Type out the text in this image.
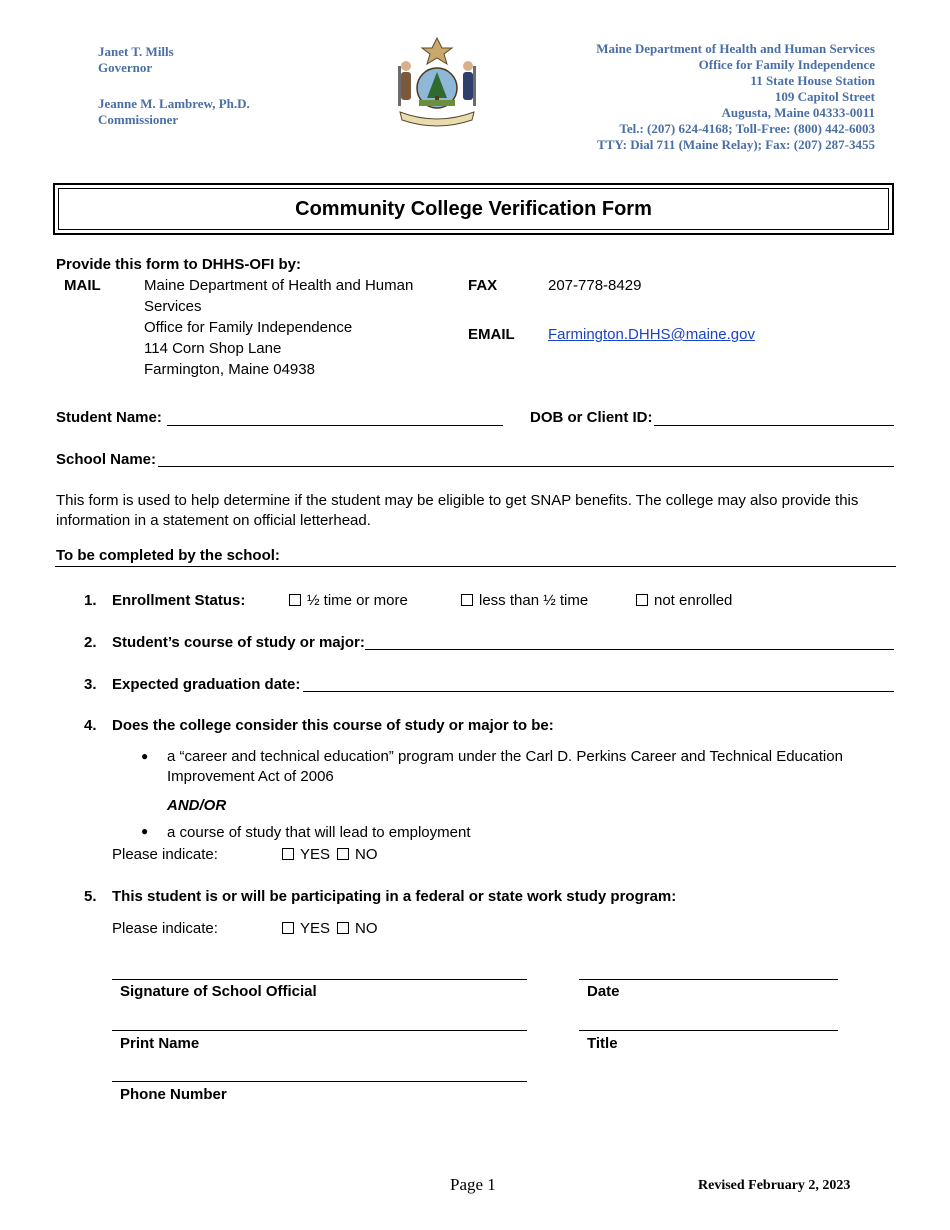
Janet T. Mills
Governor
Jeanne M. Lambrew, Ph.D.
Commissioner
Maine Department of Health and Human Services
Office for Family Independence
11 State House Station
109 Capitol Street
Augusta, Maine 04333-0011
Tel.: (207) 624-4168; Toll-Free: (800) 442-6003
TTY: Dial 711 (Maine Relay); Fax: (207) 287-3455
Community College Verification Form
Provide this form to DHHS-OFI by:
MAIL	Maine Department of Health and Human
Services
Office for Family Independence
114 Corn Shop Lane
Farmington, Maine 04938
FAX	207-778-8429
EMAIL Farmington.DHHS@maine.gov
Student Name:	DOB or Client ID:
School Name:
This form is used to help determine if the student may be eligible to get SNAP benefits. The college may also provide this information in a statement on official letterhead.
To be completed by the school:
1. Enrollment Status:	½ time or more	less than ½ time	not enrolled
2. Student’s course of study or major:
3. Expected graduation date:
4. Does the college consider this course of study or major to be:
● a “career and technical education” program under the Carl D. Perkins Career and Technical Education
Improvement Act of 2006
AND/OR
● a course of study that will lead to employment
Please indicate:	YES	NO
5. This student is or will be participating in a federal or state work study program:
Please indicate:	YES	NO
Signature of School Official	Date
Print Name	Title
Phone Number
Page 1	Revised February 2, 2023
